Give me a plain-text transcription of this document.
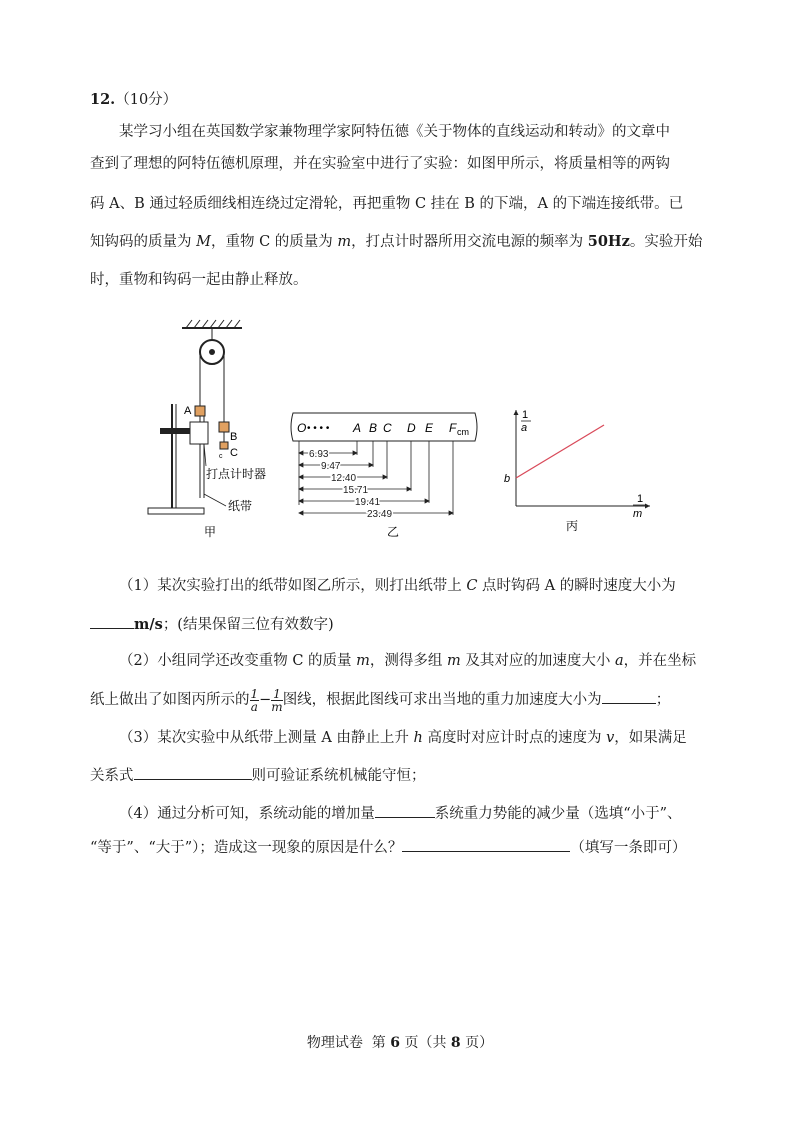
12.（10分）
某学习小组在英国数学家兼物理学家阿特伍德《关于物体的直线运动和转动》的文章中
查到了理想的阿特伍德机原理，并在实验室中进行了实验：如图甲所示，将质量相等的两钩
码 A、B 通过轻质细线相连绕过定滑轮，再把重物 C 挂在 B 的下端，A 的下端连接纸带。已
知钩码的质量为 M，重物 C 的质量为 m，打点计时器所用交流电源的频率为 50Hz。实验开始
时，重物和钩码一起由静止释放。
B
C
c
A
打点计时器
纸带
甲
O • • • • A B C D E F cm
6.93
9.47
12.40
15.71
19.41
23.49
乙
1
a
1
m
b
丙
（1）某次实验打出的纸带如图乙所示，则打出纸带上 C 点时钩码 A 的瞬时速度大小为
m/s；(结果保留三位有效数字)
（2）小组同学还改变重物 C 的质量 m，测得多组 m 及其对应的加速度大小 a，并在坐标
纸上做出了如图丙所示的 $\frac{1}{a} - \frac{1}{m}$ 图线，根据此图线可求出当地的重力加速度大小为	；
（3）某次实验中从纸带上测量 A 由静止上升 h 高度时对应计时点的速度为 v，如果满足
关系式	则可验证系统机械能守恒；
（4）通过分析可知，系统动能的增加量	系统重力势能的减少量（选填“小于”、
“等于”、“大于”）；造成这一现象的原因是什么？	（填写一条即可）
物理试卷 第 6 页（共 8 页）
